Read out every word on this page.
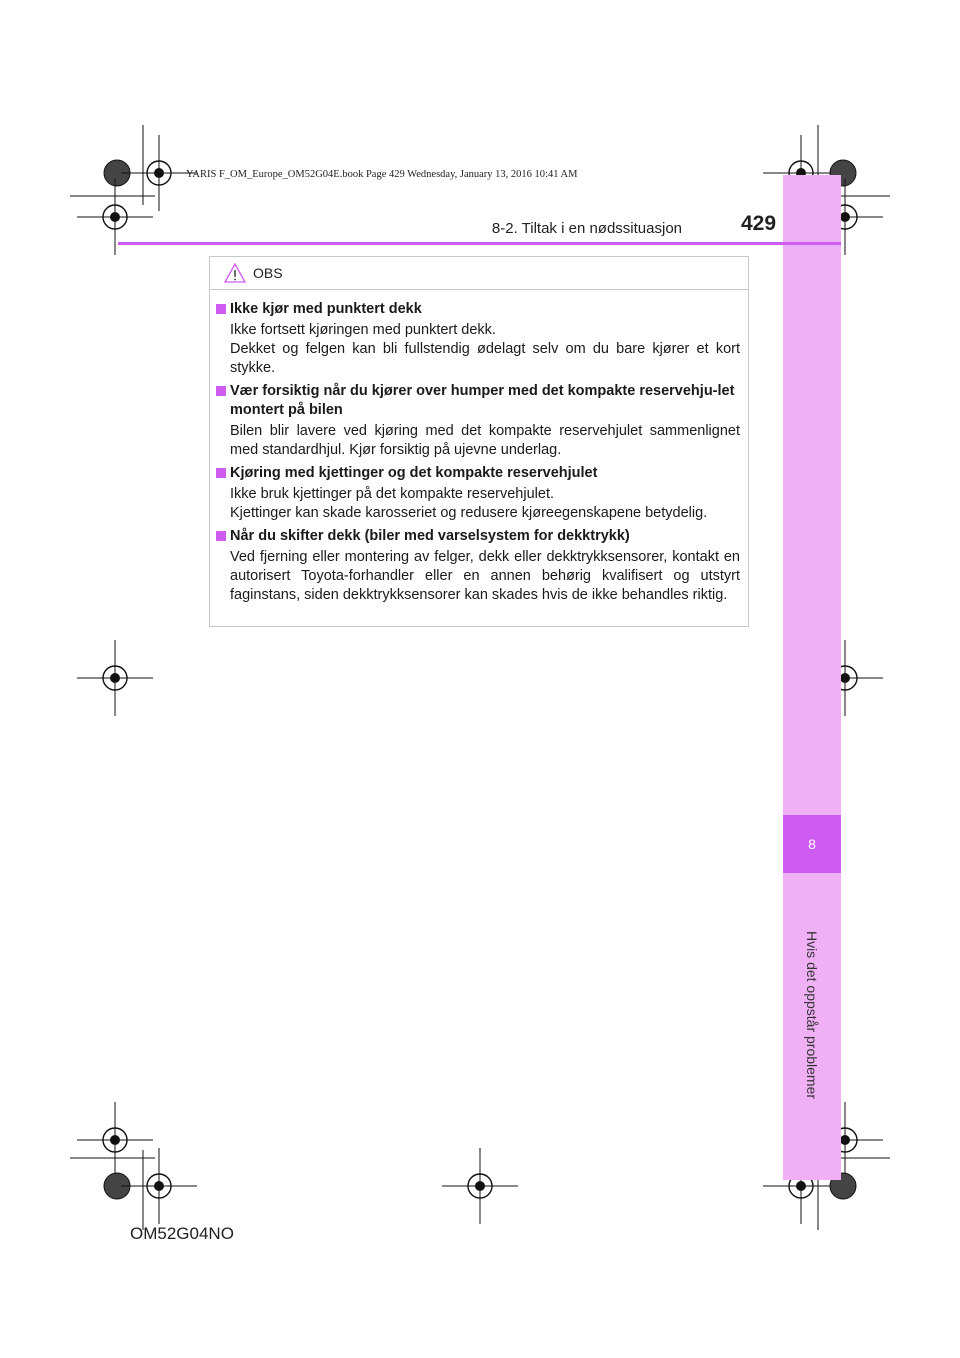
YARIS F_OM_Europe_OM52G04E.book Page 429 Wednesday, January 13, 2016 10:41 AM
8
Hvis det oppstår problemer
8-2. Tiltak i en nødssituasjon	429
OBS
Ikke kjør med punktert dekk
Ikke fortsett kjøringen med punktert dekk.
Dekket og felgen kan bli fullstendig ødelagt selv om du bare kjører et kort stykke.
Vær forsiktig når du kjører over humper med det kompakte reservehju-let montert på bilen
Bilen blir lavere ved kjøring med det kompakte reservehjulet sammenlignet med standardhjul. Kjør forsiktig på ujevne underlag.
Kjøring med kjettinger og det kompakte reservehjulet
Ikke bruk kjettinger på det kompakte reservehjulet.
Kjettinger kan skade karosseriet og redusere kjøreegenskapene betydelig.
Når du skifter dekk (biler med varselsystem for dekktrykk)
Ved fjerning eller montering av felger, dekk eller dekktrykksensorer, kontakt en autorisert Toyota-forhandler eller en annen behørig kvalifisert og utstyrt faginstans, siden dekktrykksensorer kan skades hvis de ikke behandles riktig.
OM52G04NO
